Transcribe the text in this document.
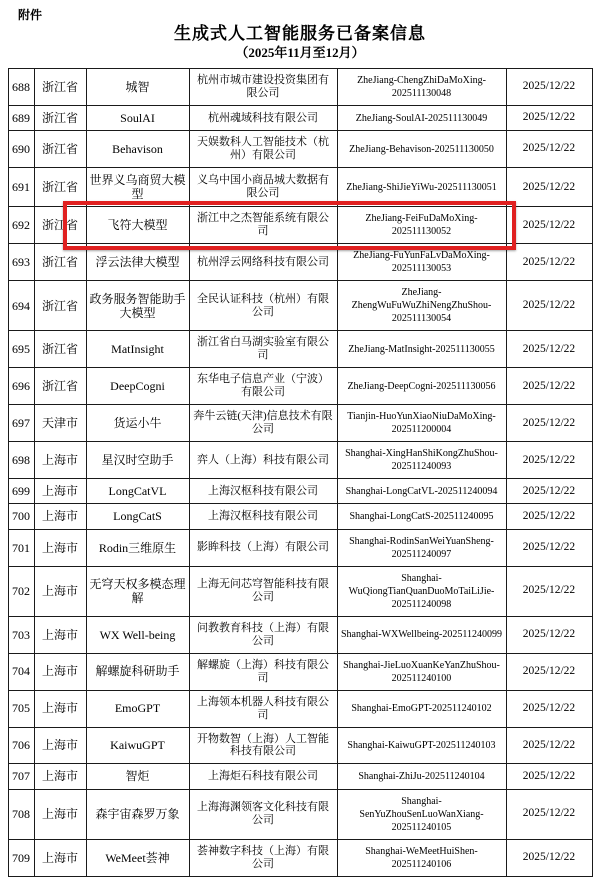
附件
生成式人工智能服务已备案信息
（2025年11月至12月）
688	浙江省	城智	杭州市城市建设投资集团有限公司	ZheJiang-ChengZhiDaMoXing-202511130048	2025/12/22
689	浙江省	SoulAI	杭州魂域科技有限公司	ZheJiang-SoulAI-202511130049	2025/12/22
690	浙江省	Behavison	天娱数科人工智能技术（杭州）有限公司	ZheJiang-Behavison-202511130050	2025/12/22
691	浙江省	世界义乌商贸大模型	义乌中国小商品城大数据有限公司	ZheJiang-ShiJieYiWu-202511130051	2025/12/22
692	浙江省	飞符大模型	浙江中之杰智能系统有限公司	ZheJiang-FeiFuDaMoXing-202511130052	2025/12/22
693	浙江省	浮云法律大模型	杭州浮云网络科技有限公司	ZheJiang-FuYunFaLvDaMoXing-202511130053	2025/12/22
694	浙江省	政务服务智能助手大模型	全民认证科技（杭州）有限公司	ZheJiang-ZhengWuFuWuZhiNengZhuShou-202511130054	2025/12/22
695	浙江省	MatInsight	浙江省白马湖实验室有限公司	ZheJiang-MatInsight-202511130055	2025/12/22
696	浙江省	DeepCogni	东华电子信息产业（宁波）有限公司	ZheJiang-DeepCogni-202511130056	2025/12/22
697	天津市	货运小牛	奔牛云链(天津)信息技术有限公司	Tianjin-HuoYunXiaoNiuDaMoXing-202511200004	2025/12/22
698	上海市	星汉时空助手	弈人（上海）科技有限公司	Shanghai-XingHanShiKongZhuShou-202511240093	2025/12/22
699	上海市	LongCatVL	上海汉枢科技有限公司	Shanghai-LongCatVL-202511240094	2025/12/22
700	上海市	LongCatS	上海汉枢科技有限公司	Shanghai-LongCatS-202511240095	2025/12/22
701	上海市	Rodin三维原生	影眸科技（上海）有限公司	Shanghai-RodinSanWeiYuanSheng-202511240097	2025/12/22
702	上海市	无穹天权多模态理解	上海无问芯穹智能科技有限公司	Shanghai-WuQiongTianQuanDuoMoTaiLiJie-202511240098	2025/12/22
703	上海市	WX Well-being	问教教育科技（上海）有限公司	Shanghai-WXWellbeing-202511240099	2025/12/22
704	上海市	解螺旋科研助手	解螺旋（上海）科技有限公司	Shanghai-JieLuoXuanKeYanZhuShou-202511240100	2025/12/22
705	上海市	EmoGPT	上海领本机器人科技有限公司	Shanghai-EmoGPT-202511240102	2025/12/22
706	上海市	KaiwuGPT	开物数智（上海）人工智能科技有限公司	Shanghai-KaiwuGPT-202511240103	2025/12/22
707	上海市	智炬	上海炬石科技有限公司	Shanghai-ZhiJu-202511240104	2025/12/22
708	上海市	森宇宙森罗万象	上海海渊领客文化科技有限公司	Shanghai-SenYuZhouSenLuoWanXiang-202511240105	2025/12/22
709	上海市	WeMeet荟神	荟神数字科技（上海）有限公司	Shanghai-WeMeetHuiShen-202511240106	2025/12/22
